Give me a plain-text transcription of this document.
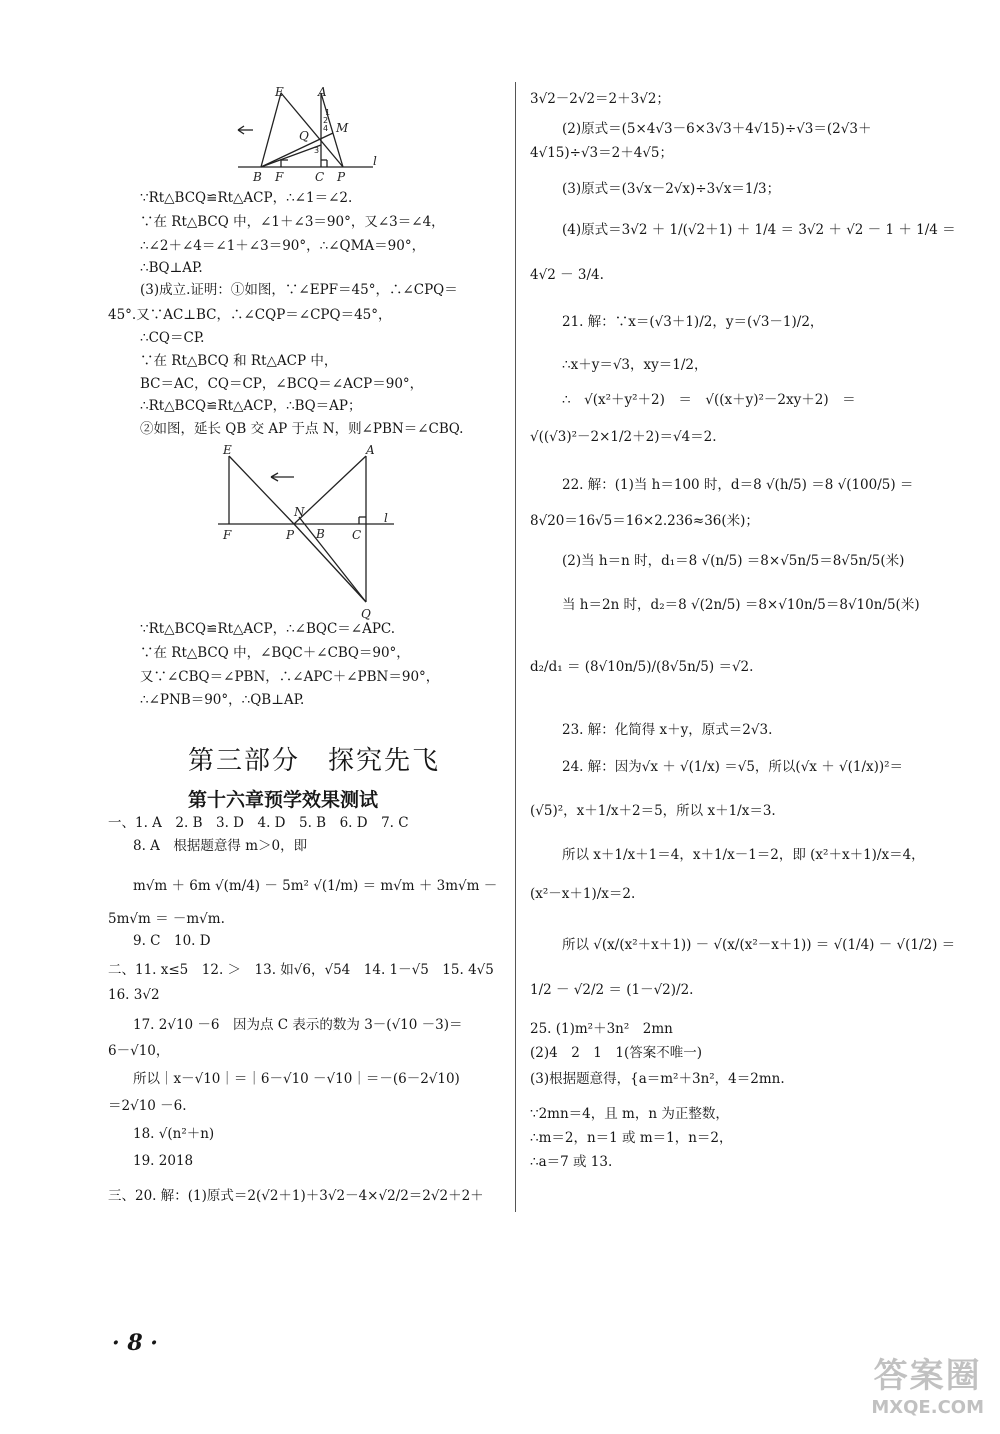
E	A
Q
M
B F	C P
l
2
4
1
3
∵Rt△BCQ≌Rt△ACP，∴∠1＝∠2.
∵在 Rt△BCQ 中，∠1＋∠3＝90°，又∠3＝∠4，
∴∠2＋∠4＝∠1＋∠3＝90°，∴∠QMA＝90°，
∴BQ⊥AP.
(3)成立.证明：①如图，∵∠EPF＝45°，∴∠CPQ＝
45°.又∵AC⊥BC，∴∠CQP＝∠CPQ＝45°，
∴CQ＝CP.
∵在 Rt△BCQ 和 Rt△ACP 中，
BC＝AC，CQ＝CP，∠BCQ＝∠ACP＝90°，
∴Rt△BCQ≌Rt△ACP，∴BQ＝AP；
②如图，延长 QB 交 AP 于点 N，则∠PBN＝∠CBQ.
E	A
N
F	P B C
l
Q
∵Rt△BCQ≌Rt△ACP，∴∠BQC＝∠APC.
∵在 Rt△BCQ 中，∠BQC＋∠CBQ＝90°，
又∵∠CBQ＝∠PBN，∴∠APC＋∠PBN＝90°，
∴∠PNB＝90°，∴QB⊥AP.
第三部分　探究先飞
第十六章预学效果测试
一、1. A　2. B　3. D　4. D　5. B　6. D　7. C
8. A　根据题意得 m＞0，即
m√m ＋ 6m √(m/4) － 5m² √(1/m) ＝ m√m ＋ 3m√m －
5m√m ＝ －m√m.
9. C　10. D
二、11. x≤5　12. ＞　13. 如√6，√54　14. 1－√5　15. 4√5
16. 3√2
17. 2√10 －6　因为点 C 表示的数为 3－(√10 －3)＝
6－√10，
所以｜x－√10｜＝｜6－√10 －√10｜＝－(6－2√10)
＝2√10 －6.
18. √(n²＋n)
19. 2018
三、20. 解：(1)原式＝2(√2＋1)＋3√2－4×√2/2＝2√2＋2＋
3√2－2√2＝2＋3√2；
(2)原式＝(5×4√3－6×3√3＋4√15)÷√3＝(2√3＋
4√15)÷√3＝2＋4√5；
(3)原式＝(3√x－2√x)÷3√x＝1/3；
(4)原式＝3√2 ＋ 1/(√2＋1) ＋ 1/4 ＝ 3√2 ＋ √2 － 1 ＋ 1/4 ＝
4√2 － 3/4.
21. 解：∵x＝(√3＋1)/2，y＝(√3－1)/2，
∴x＋y＝√3，xy＝1/2，
∴　√(x²＋y²＋2)　＝　√((x＋y)²－2xy＋2)　＝
√((√3)²－2×1/2＋2)＝√4＝2.
22. 解：(1)当 h＝100 时，d＝8 √(h/5) ＝8 √(100/5) ＝
8√20＝16√5＝16×2.236≈36(米)；
(2)当 h＝n 时，d₁＝8 √(n/5) ＝8×√5n/5＝8√5n/5(米)
当 h＝2n 时，d₂＝8 √(2n/5) ＝8×√10n/5＝8√10n/5(米)
d₂/d₁ ＝ (8√10n/5)/(8√5n/5) ＝√2.
23. 解：化简得 x＋y，原式＝2√3.
24. 解：因为√x ＋ √(1/x) ＝√5，所以(√x ＋ √(1/x))²＝
(√5)²，x＋1/x＋2＝5，所以 x＋1/x＝3.
所以 x＋1/x＋1＝4，x＋1/x－1＝2，即 (x²＋x＋1)/x＝4，
(x²－x＋1)/x＝2.
所以 √(x/(x²＋x＋1)) － √(x/(x²－x＋1)) ＝ √(1/4) － √(1/2) ＝
1/2 － √2/2 ＝ (1－√2)/2.
25. (1)m²＋3n²　2mn
(2)4　2　1　1(答案不唯一)
(3)根据题意得，{a＝m²＋3n²，4＝2mn.
∵2mn＝4，且 m，n 为正整数，
∴m＝2，n＝1 或 m＝1，n＝2，
∴a＝7 或 13.
· 8 ·
答案圈
MXQE.COM
